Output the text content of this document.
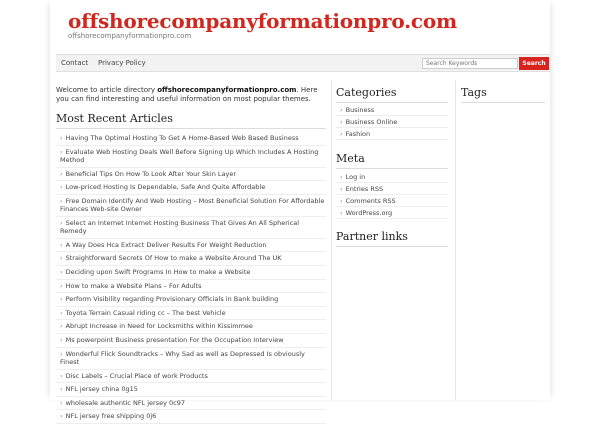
offshorecompanyformationpro.com
offshorecompanyformationpro.com
Contact Privacy Policy
Search Keywords	Search
Welcome to article directory offshorecompanyformationpro.com. Here you can find interesting and useful information on most popular themes.
Most Recent Articles
› Having The Optimal Hosting To Get A Home-Based Web Based Business
› Evaluate Web Hosting Deals Well Before Signing Up Which Includes A Hosting Method
› Beneficial Tips On How To Look After Your Skin Layer
› Low-priced Hosting Is Dependable, Safe And Quite Affordable
› Free Domain Identify And Web Hosting – Most Beneficial Solution For Affordable Finances Web-site Owner
› Select an Internet Internet Hosting Business That Gives An All Spherical Remedy
› A Way Does Hca Extract Deliver Results For Weight Reduction
› Straightforward Secrets Of How to make a Website Around The UK
› Deciding upon Swift Programs In How to make a Website
› How to make a Website Plans – For Adults
› Perform Visibility regarding Provisionary Officials in Bank building
› Toyota Terrain Casual riding cc – The best Vehicle
› Abrupt Increase in Need for Locksmiths within Kissimmee
› Ms powerpoint Business presentation For the Occupation Interview
› Wonderful Flick Soundtracks – Why Sad as well as Depressed Is obviously Finest
› Disc Labels – Crucial Place of work Products
› NFL jersey china 0g15
› wholesale authentic NFL jersey 0c97
› NFL jersey free shipping 0j6
Categories
› Business
› Business Online
› Fashion
Meta
› Log in
› Entries RSS
› Comments RSS
› WordPress.org
Partner links
Tags
